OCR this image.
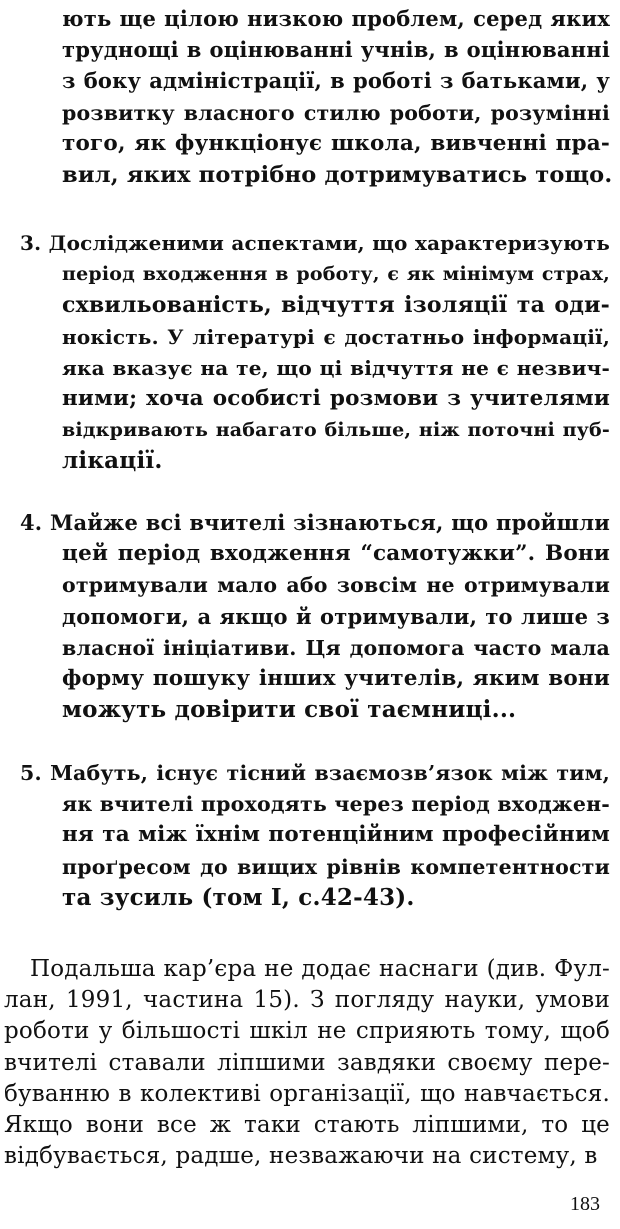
ють ще цілою низкою проблем, серед яких
труднощі в оцінюванні учнів, в оцінюванні
з боку адміністрації, в роботі з батьками, у
розвитку власного стилю роботи, розумінні
того, як функціонує школа, вивченні пра-
вил, яких потрібно дотримуватись тощо.
3. Дослідженими аспектами, що характеризують
період входження в роботу, є як мінімум страх,
схвильованість, відчуття ізоляції та оди-
нокість. У літературі є достатньо інформації,
яка вказує на те, що ці відчуття не є незвич-
ними; хоча особисті розмови з учителями
відкривають набагато більше, ніж поточні пуб-
лікації.
4. Майже всі вчителі зізнаються, що пройшли
цей період входження “самотужки”. Вони
отримували мало або зовсім не отримували
допомоги, а якщо й отримували, то лише з
власної ініціативи. Ця допомога часто мала
форму пошуку інших учителів, яким вони
можуть довірити свої таємниці...
5. Мабуть, існує тісний взаємозв’язок між тим,
як вчителі проходять через період входжен-
ня та між їхнім потенційним професійним
проґресом до вищих рівнів компетентности
та зусиль (том І, с.42-43).
Подальша кар’єра не додає наснаги (див. Фул-
лан, 1991, частина 15). З погляду науки, умови
роботи у більшості шкіл не сприяють тому, щоб
вчителі ставали ліпшими завдяки своєму пере-
буванню в колективі організації, що навчається.
Якщо вони все ж таки стають ліпшими, то це
відбувається, радше, незважаючи на систему, в
183
